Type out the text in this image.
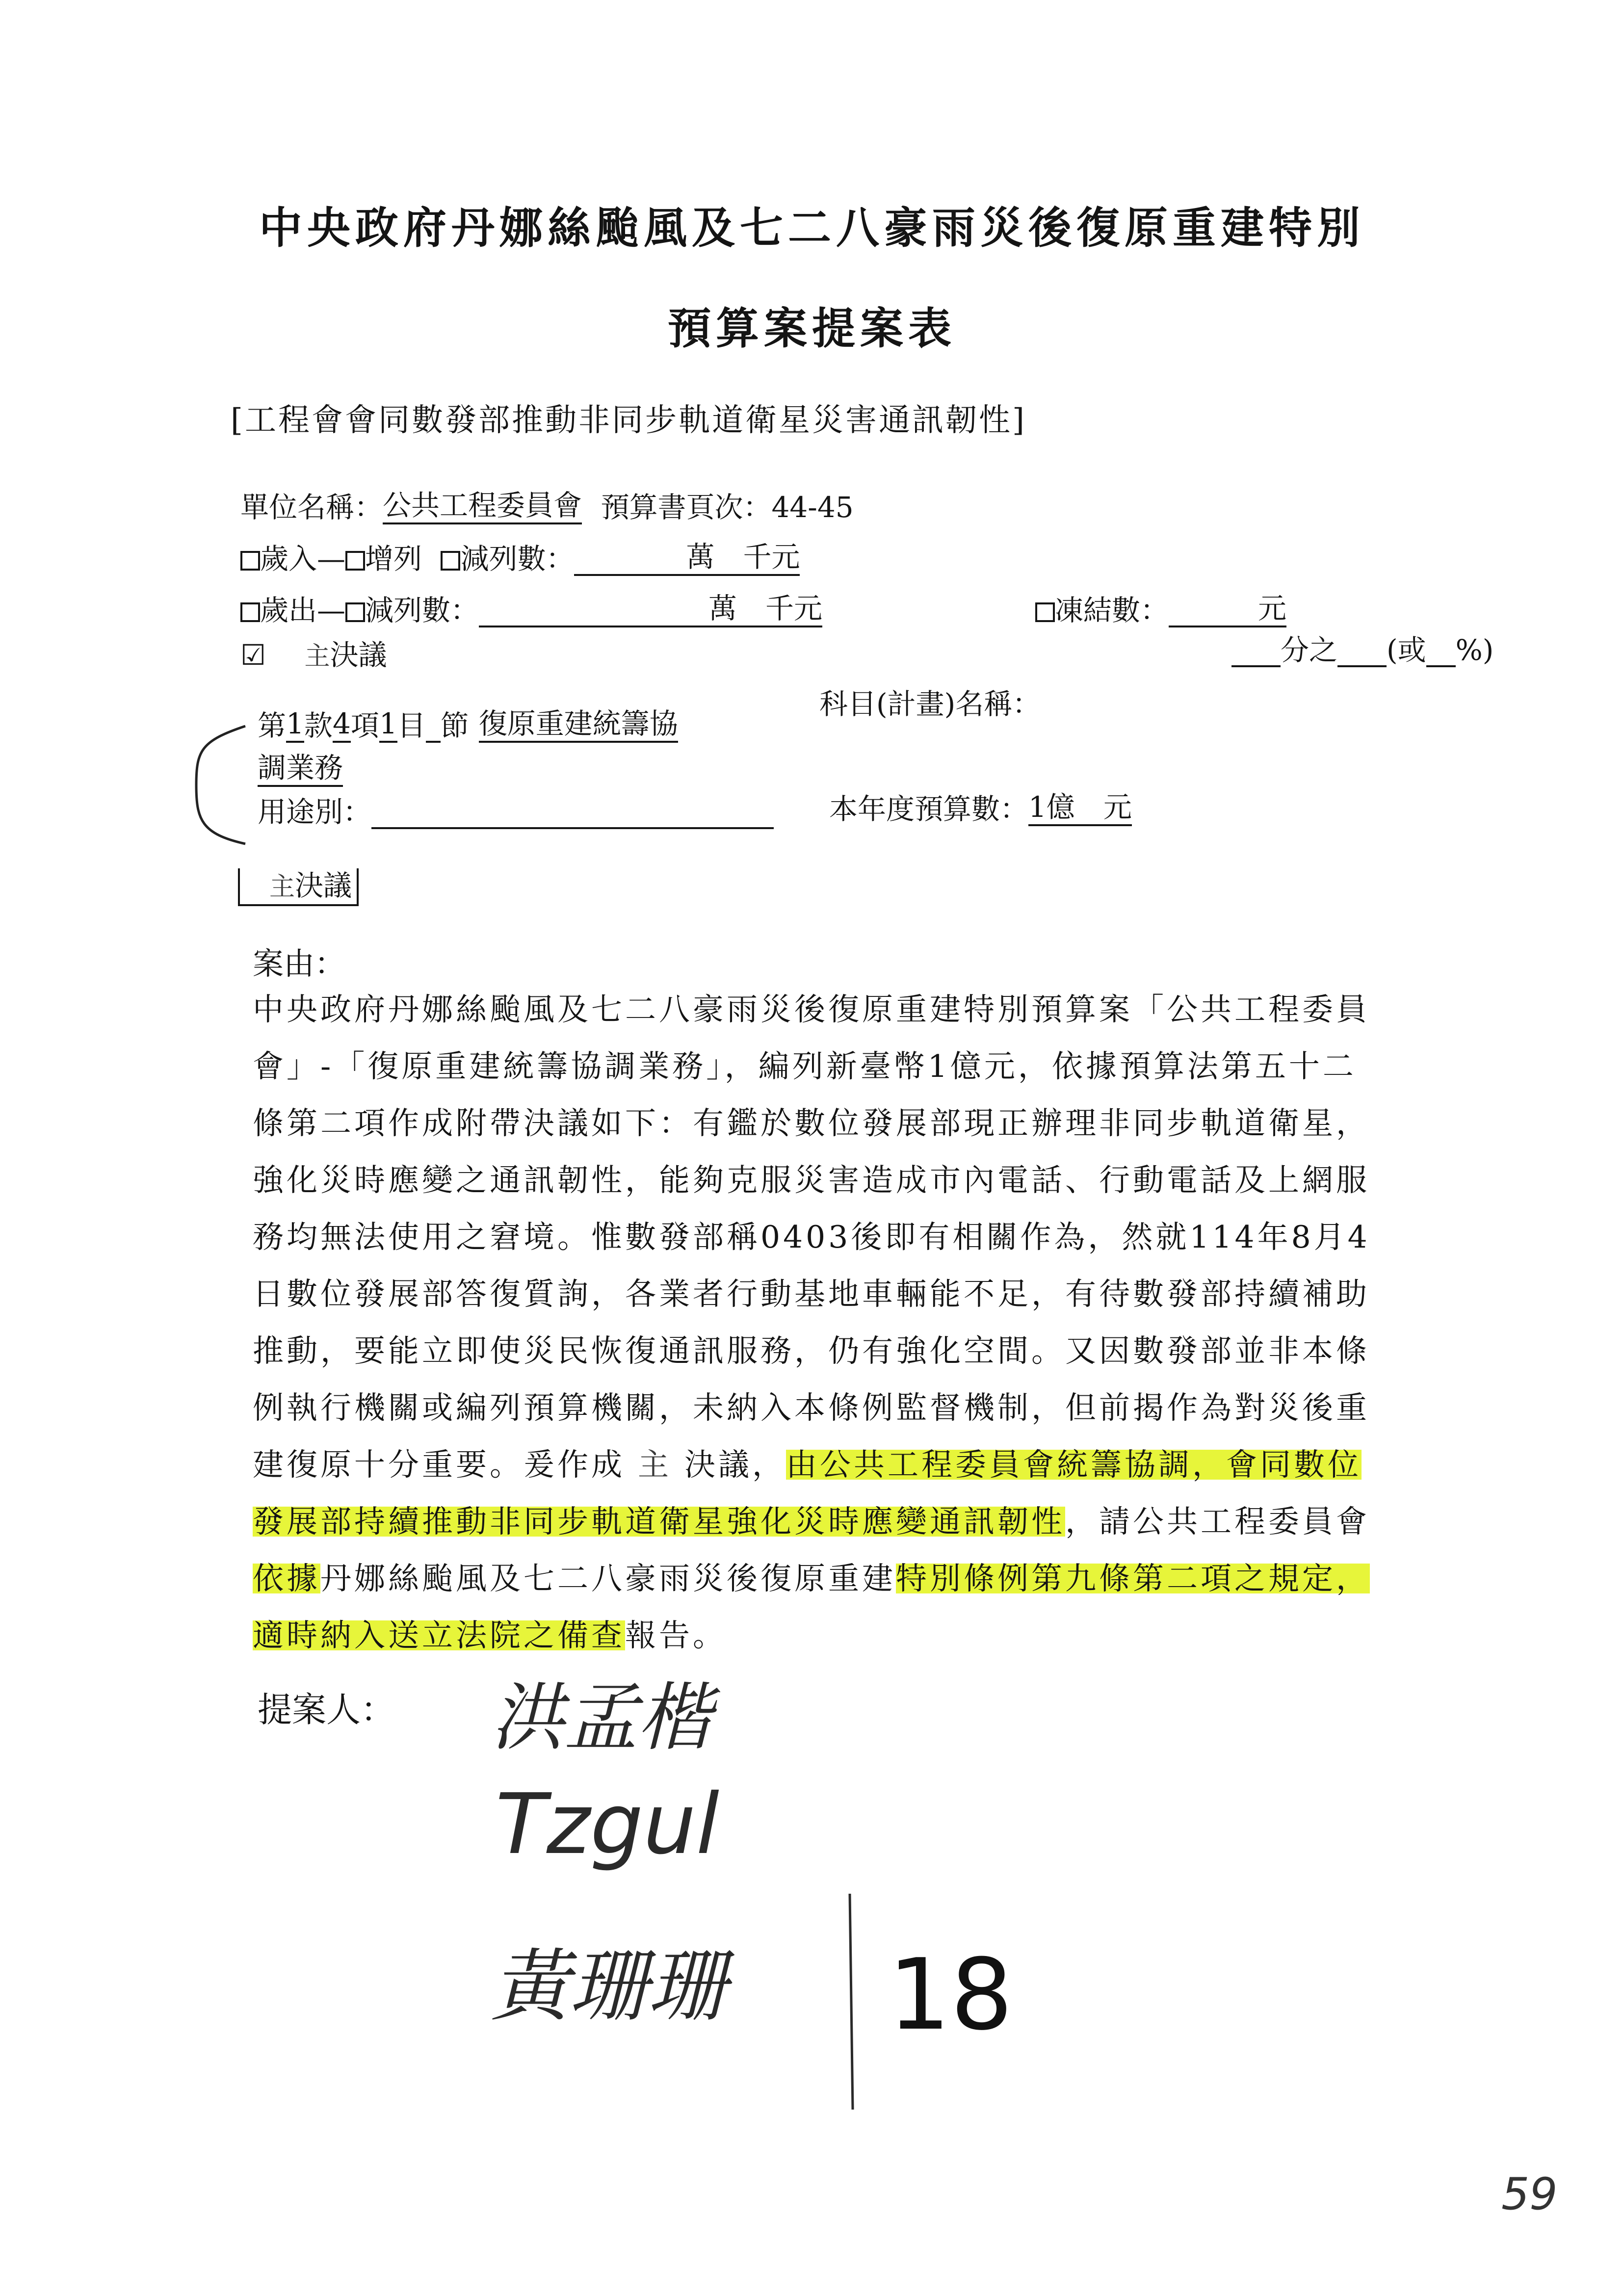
中央政府丹娜絲颱風及七二八豪雨災後復原重建特別
預算案提案表
[工程會會同數發部推動非同步軌道衛星災害通訊韌性]
單位名稱：公共工程委員會 預算書頁次：44-45
歲入— 增列 減列數：	萬　千元
歲出— 減列數：	萬　千元	凍結數：	元
☑ 主決議	分之 (或 %)
第1款4項1目 節 復原重建統籌協
科目(計畫)名稱：
調業務
用途別：	本年度預算數：1億　元
主決議
案由：
中央政府丹娜絲颱風及七二八豪雨災後復原重建特別預算案「公共工程委員會」-「復原重建統籌協調業務」，編列新臺幣1億元，依據預算法第五十二條第二項作成附帶決議如下：有鑑於數位發展部現正辦理非同步軌道衛星，強化災時應變之通訊韌性，能夠克服災害造成市內電話、行動電話及上網服務均無法使用之窘境。惟數發部稱0403後即有相關作為，然就114年8月4日數位發展部答復質詢，各業者行動基地車輛能不足，有待數發部持續補助推動，要能立即使災民恢復通訊服務，仍有強化空間。又因數發部並非本條例執行機關或編列預算機關，未納入本條例監督機制，但前揭作為對災後重建復原十分重要。爰作成 主 決議，由公共工程委員會統籌協調，會同數位發展部持續推動非同步軌道衛星強化災時應變通訊韌性，請公共工程委員會依據丹娜絲颱風及七二八豪雨災後復原重建特別條例第九條第二項之規定，適時納入送立法院之備查報告。
提案人： 洪孟楷
Tzgul
黃珊珊 18
59
